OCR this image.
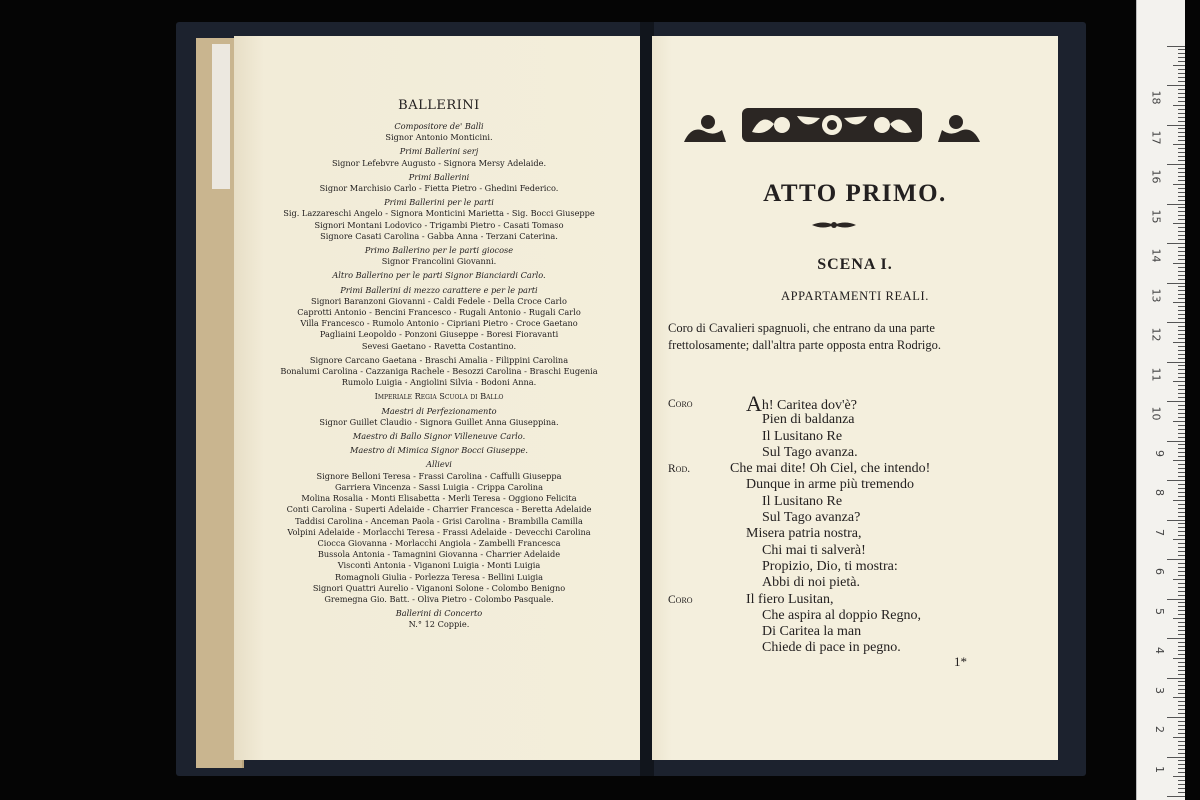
BALLERINI
Compositore de' Balli
Signor Antonio Monticini.
Primi Ballerini serj
Signor Lefebvre Augusto - Signora Mersy Adelaide.
Primi Ballerini
Signor Marchisio Carlo - Fietta Pietro - Ghedini Federico.
Primi Ballerini per le parti
Sig. Lazzareschi Angelo - Signora Monticini Marietta - Sig. Bocci Giuseppe
Signori Montani Lodovico - Trigambi Pietro - Casati Tomaso
Signore Casati Carolina - Gabba Anna - Terzani Caterina.
Primo Ballerino per le parti giocose
Signor Francolini Giovanni.
Altro Ballerino per le parti Signor Bianciardi Carlo.
Primi Ballerini di mezzo carattere e per le parti
Signori Baranzoni Giovanni - Caldi Fedele - Della Croce Carlo
Caprotti Antonio - Bencini Francesco - Rugali Antonio - Rugali Carlo
Villa Francesco - Rumolo Antonio - Cipriani Pietro - Croce Gaetano
Pagliaini Leopoldo - Ponzoni Giuseppe - Boresi Fioravanti
Sevesi Gaetano - Ravetta Costantino.
Signore Carcano Gaetana - Braschi Amalia - Filippini Carolina
Bonalumi Carolina - Cazzaniga Rachele - Besozzi Carolina - Braschi Eugenia
Rumolo Luigia - Angiolini Silvia - Bodoni Anna.
Imperiale Regia Scuola di Ballo
Maestri di Perfezionamento
Signor Guillet Claudio - Signora Guillet Anna Giuseppina.
Maestro di Ballo Signor Villeneuve Carlo.
Maestro di Mimica Signor Bocci Giuseppe.
Allievi
Signore Belloni Teresa - Frassi Carolina - Caffulli Giuseppa
Garriera Vincenza - Sassi Luigia - Crippa Carolina
Molina Rosalia - Monti Elisabetta - Merli Teresa - Oggiono Felicita
Conti Carolina - Superti Adelaide - Charrier Francesca - Beretta Adelaide
Taddisi Carolina - Anceman Paola - Grisi Carolina - Brambilla Camilla
Volpini Adelaide - Morlacchi Teresa - Frassi Adelaide - Devecchi Carolina
Ciocca Giovanna - Morlacchi Angiola - Zambelli Francesca
Bussola Antonia - Tamagnini Giovanna - Charrier Adelaide
Viscontì Antonia - Viganoni Luigia - Monti Luigia
Romagnoli Giulia - Porlezza Teresa - Bellini Luigia
Signori Quattri Aurelio - Viganoni Solone - Colombo Benigno
Gremegna Gio. Batt. - Oliva Pietro - Colombo Pasquale.
Ballerini di Concerto
N.° 12 Coppie.
ATTO PRIMO.
SCENA I.
APPARTAMENTI REALI.
Coro di Cavalieri spagnuoli, che entrano da una parte frettolosamente; dall'altra parte opposta entra Rodrigo.
Coro Ah! Caritea dov'è?
Pien di baldanza
Il Lusitano Re
Sul Tago avanza.
Rod.	Che mai dite! Oh Ciel, che intendo!
Dunque in arme più tremendo
Il Lusitano Re
Sul Tago avanza?
Misera patria nostra,
Chi mai ti salverà!
Propizio, Dio, ti mostra:
Abbi di noi pietà.
Coro	Il fiero Lusitan,
Che aspira al doppio Regno,
Di Caritea la man
Chiede di pace in pegno.
1*
18
17
16
15
14
13
12
11
10
9
8
7
6
5
4
3
2
1
